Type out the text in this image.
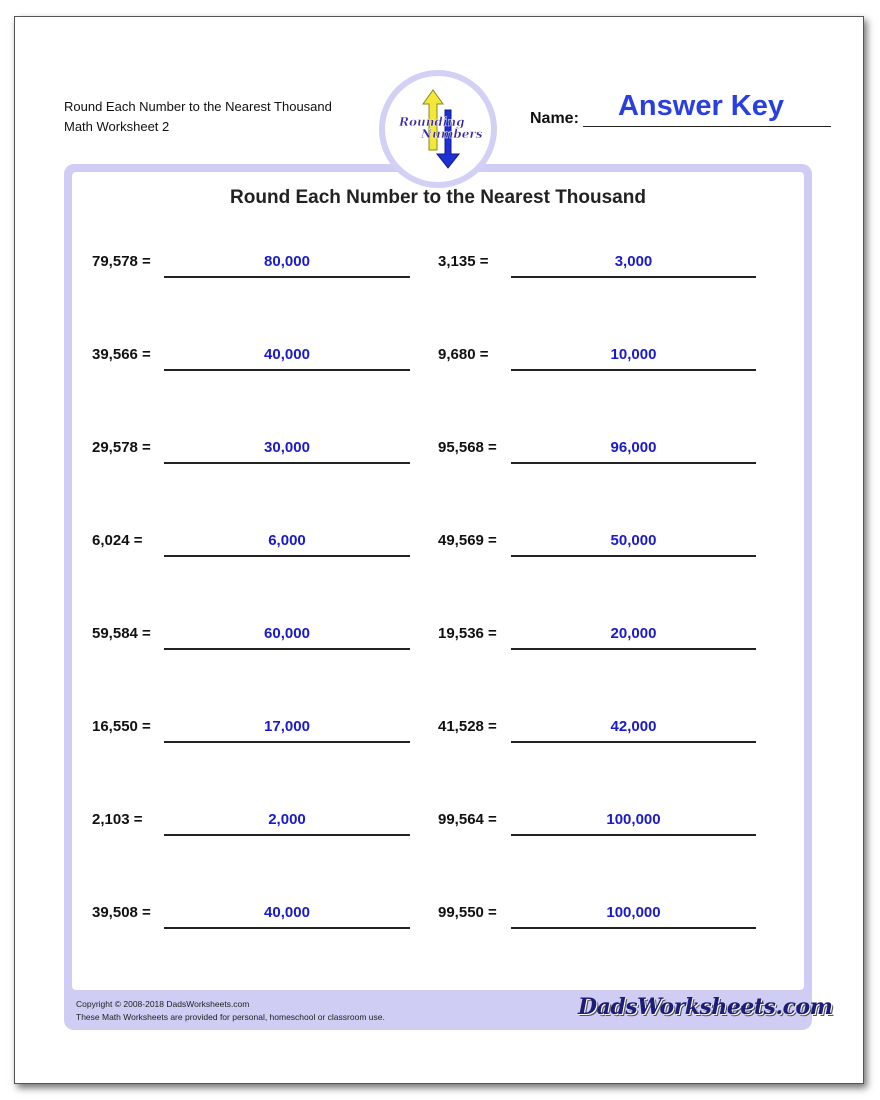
Round Each Number to the Nearest Thousand
Math Worksheet 2	Name:	Answer Key
Rounding
Numbers
Round Each Number to the Nearest Thousand
79,578 =	80,000	3,135 =	3,000
39,566 =	40,000	9,680 =	10,000
29,578 =	30,000	95,568 =	96,000
6,024 =	6,000	49,569 =	50,000
59,584 =	60,000	19,536 =	20,000
16,550 =	17,000	41,528 =	42,000
2,103 =	2,000	99,564 =	100,000
39,508 =	40,000	99,550 =	100,000
Copyright © 2008-2018 DadsWorksheets.com
These Math Worksheets are provided for personal, homeschool or classroom use.	DadsWorksheets.com
